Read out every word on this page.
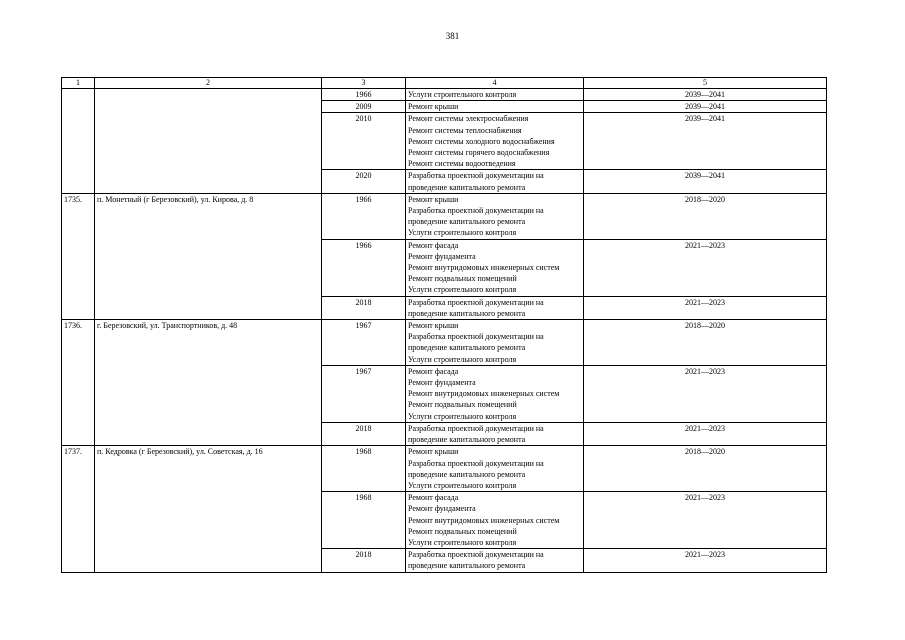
381
1	2	3	4	5
		1966	Услуги строительного контроля	2039—2041
		2009	Ремонт крыши	2039—2041
		2010	Ремонт системы электроснабжения
Ремонт системы теплоснабжения
Ремонт системы холодного водоснабжения
Ремонт системы горячего водоснабжения
Ремонт системы водоотведения	2039—2041
		2020	Разработка проектной документации на
проведение капитального ремонта	2039—2041
1735.	п. Монетный (г Березовский), ул. Кирова, д. 8	1966	Ремонт крыши
Разработка проектной документации на
проведение капитального ремонта
Услуги строительного контроля	2018—2020
		1966	Ремонт фасада
Ремонт фундамента
Ремонт внутридомовых инженерных систем
Ремонт подвальных помещений
Услуги строительного контроля	2021—2023
		2018	Разработка проектной документации на
проведение капитального ремонта	2021—2023
1736.	г. Березовский, ул. Транспортников, д. 48	1967	Ремонт крыши
Разработка проектной документации на
проведение капитального ремонта
Услуги строительного контроля	2018—2020
		1967	Ремонт фасада
Ремонт фундамента
Ремонт внутридомовых инженерных систем
Ремонт подвальных помещений
Услуги строительного контроля	2021—2023
		2018	Разработка проектной документации на
проведение капитального ремонта	2021—2023
1737.	п. Кедровка (г Березовский), ул. Советская, д. 16	1968	Ремонт крыши
Разработка проектной документации на
проведение капитального ремонта
Услуги строительного контроля	2018—2020
		1968	Ремонт фасада
Ремонт фундамента
Ремонт внутридомовых инженерных систем
Ремонт подвальных помещений
Услуги строительного контроля	2021—2023
		2018	Разработка проектной документации на
проведение капитального ремонта	2021—2023
